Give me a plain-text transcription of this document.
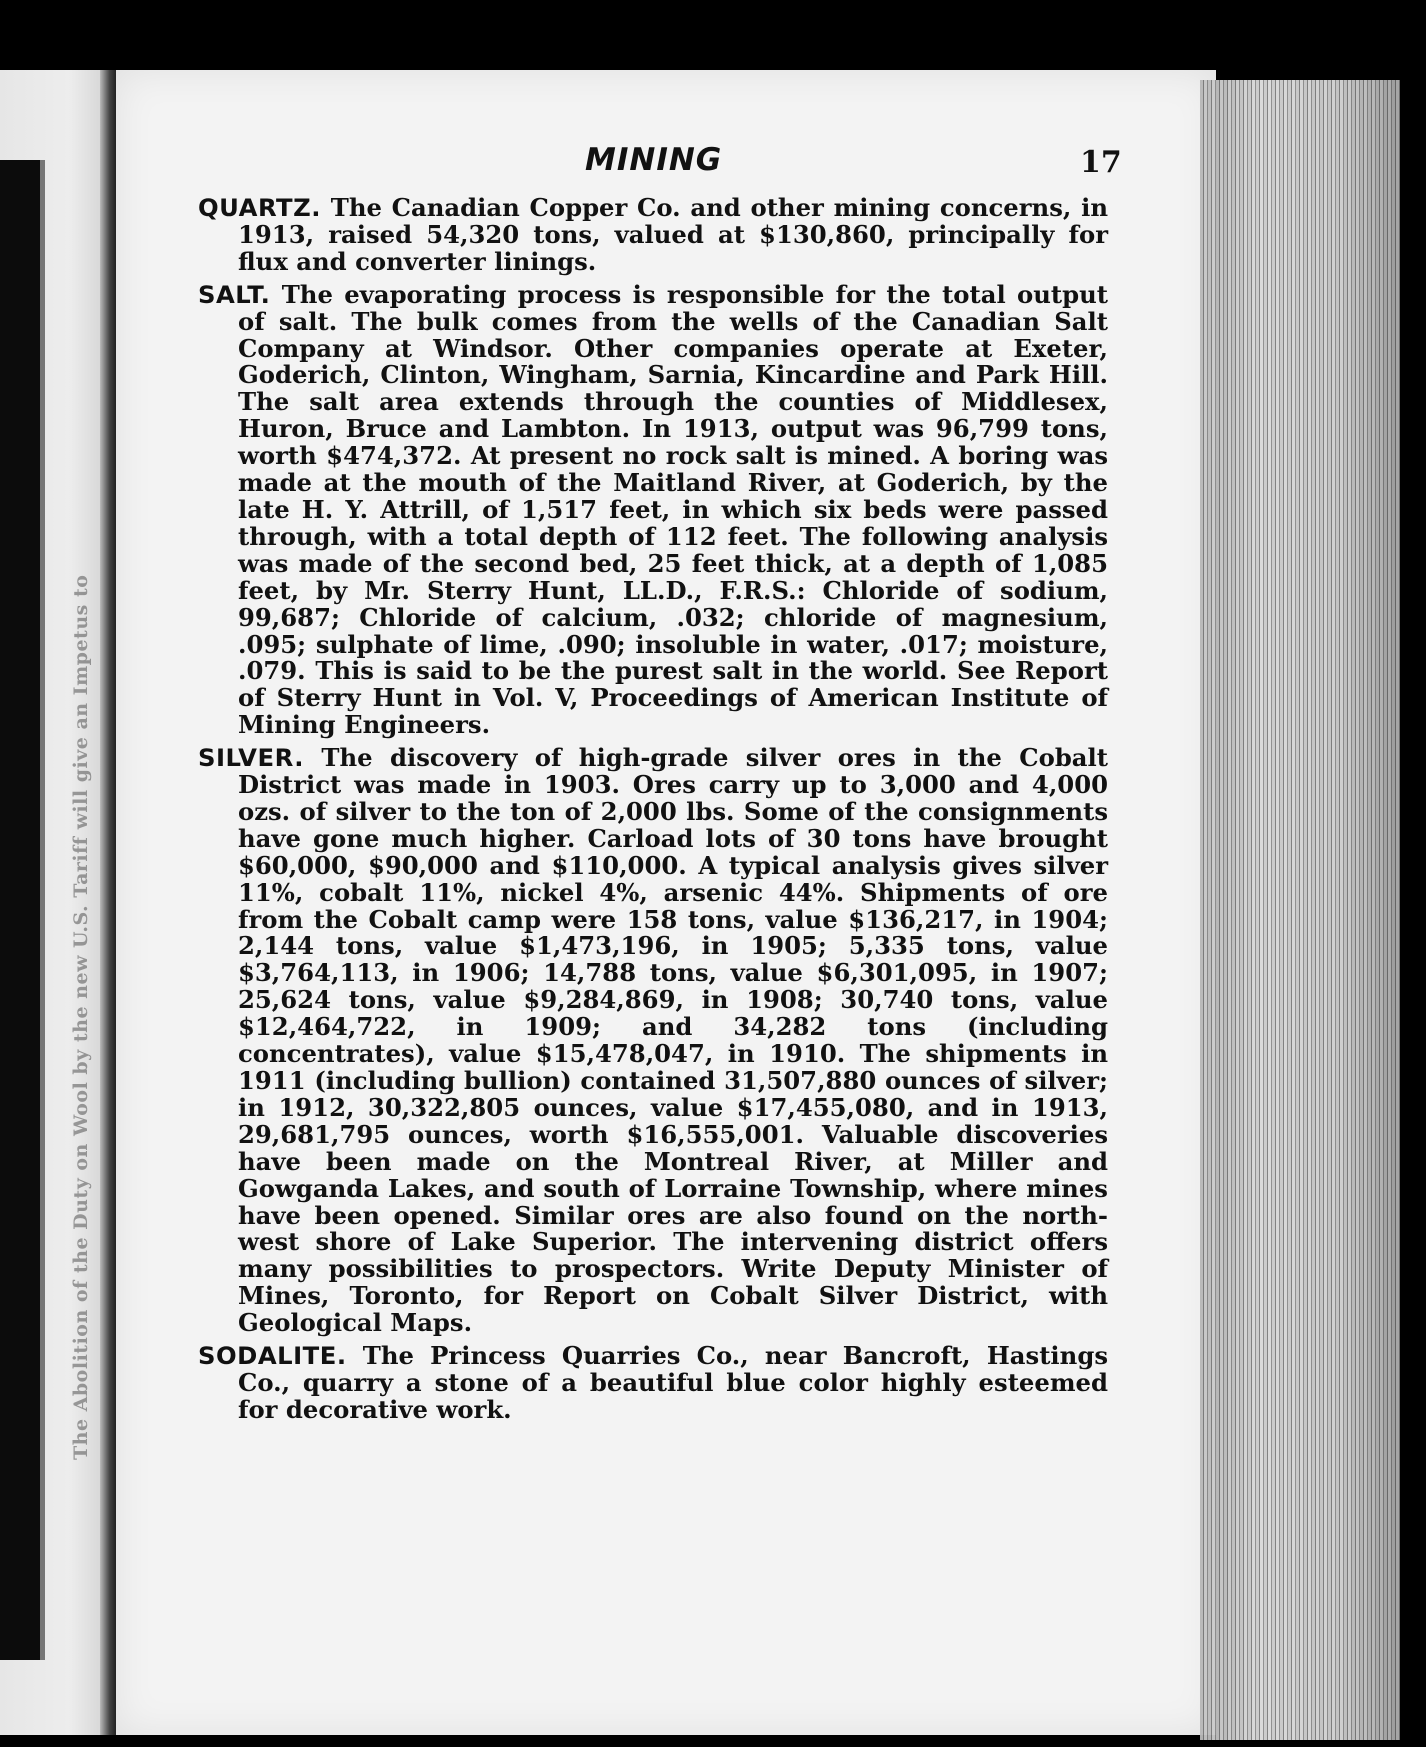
The Abolition of the Duty on Wool by the new U.S. Tariff will give an Impetus to
MINING	17

QUARTZ. The Canadian Copper Co. and other mining concerns, in 1913, raised 54,320 tons, valued at $130,860, principally for flux and converter linings.

SALT. The evaporating process is responsible for the total output of salt. The bulk comes from the wells of the Canadian Salt Company at Windsor. Other companies operate at Exeter, Goderich, Clinton, Wingham, Sarnia, Kincardine and Park Hill. The salt area extends through the counties of Middlesex, Huron, Bruce and Lambton. In 1913, output was 96,799 tons, worth $474,372. At present no rock salt is mined. A boring was made at the mouth of the Maitland River, at Goderich, by the late H. Y. Attrill, of 1,517 feet, in which six beds were passed through, with a total depth of 112 feet. The following analysis was made of the second bed, 25 feet thick, at a depth of 1,085 feet, by Mr. Sterry Hunt, LL.D., F.R.S.: Chloride of sodium, 99,687; Chloride of calcium, .032; chloride of magnesium, .095; sulphate of lime, .090; insoluble in water, .017; moisture, .079. This is said to be the purest salt in the world. See Report of Sterry Hunt in Vol. V, Proceedings of American Institute of Mining Engineers.

SILVER. The discovery of high-grade silver ores in the Cobalt District was made in 1903. Ores carry up to 3,000 and 4,000 ozs. of silver to the ton of 2,000 lbs. Some of the consignments have gone much higher. Carload lots of 30 tons have brought $60,000, $90,000 and $110,000. A typical analysis gives silver 11%, cobalt 11%, nickel 4%, arsenic 44%. Shipments of ore from the Cobalt camp were 158 tons, value $136,217, in 1904; 2,144 tons, value $1,473,196, in 1905; 5,335 tons, value $3,764,113, in 1906; 14,788 tons, value $6,301,095, in 1907; 25,624 tons, value $9,284,869, in 1908; 30,740 tons, value $12,464,722, in 1909; and 34,282 tons (including concentrates), value $15,478,047, in 1910. The shipments in 1911 (including bullion) contained 31,507,880 ounces of silver; in 1912, 30,322,805 ounces, value $17,455,080, and in 1913, 29,681,795 ounces, worth $16,555,001. Valuable discoveries have been made on the Montreal River, at Miller and Gowganda Lakes, and south of Lorraine Township, where mines have been opened. Similar ores are also found on the north-west shore of Lake Superior. The intervening district offers many possibilities to prospectors. Write Deputy Minister of Mines, Toronto, for Report on Cobalt Silver District, with Geological Maps.

SODALITE. The Princess Quarries Co., near Bancroft, Hastings Co., quarry a stone of a beautiful blue color highly esteemed for decorative work.
